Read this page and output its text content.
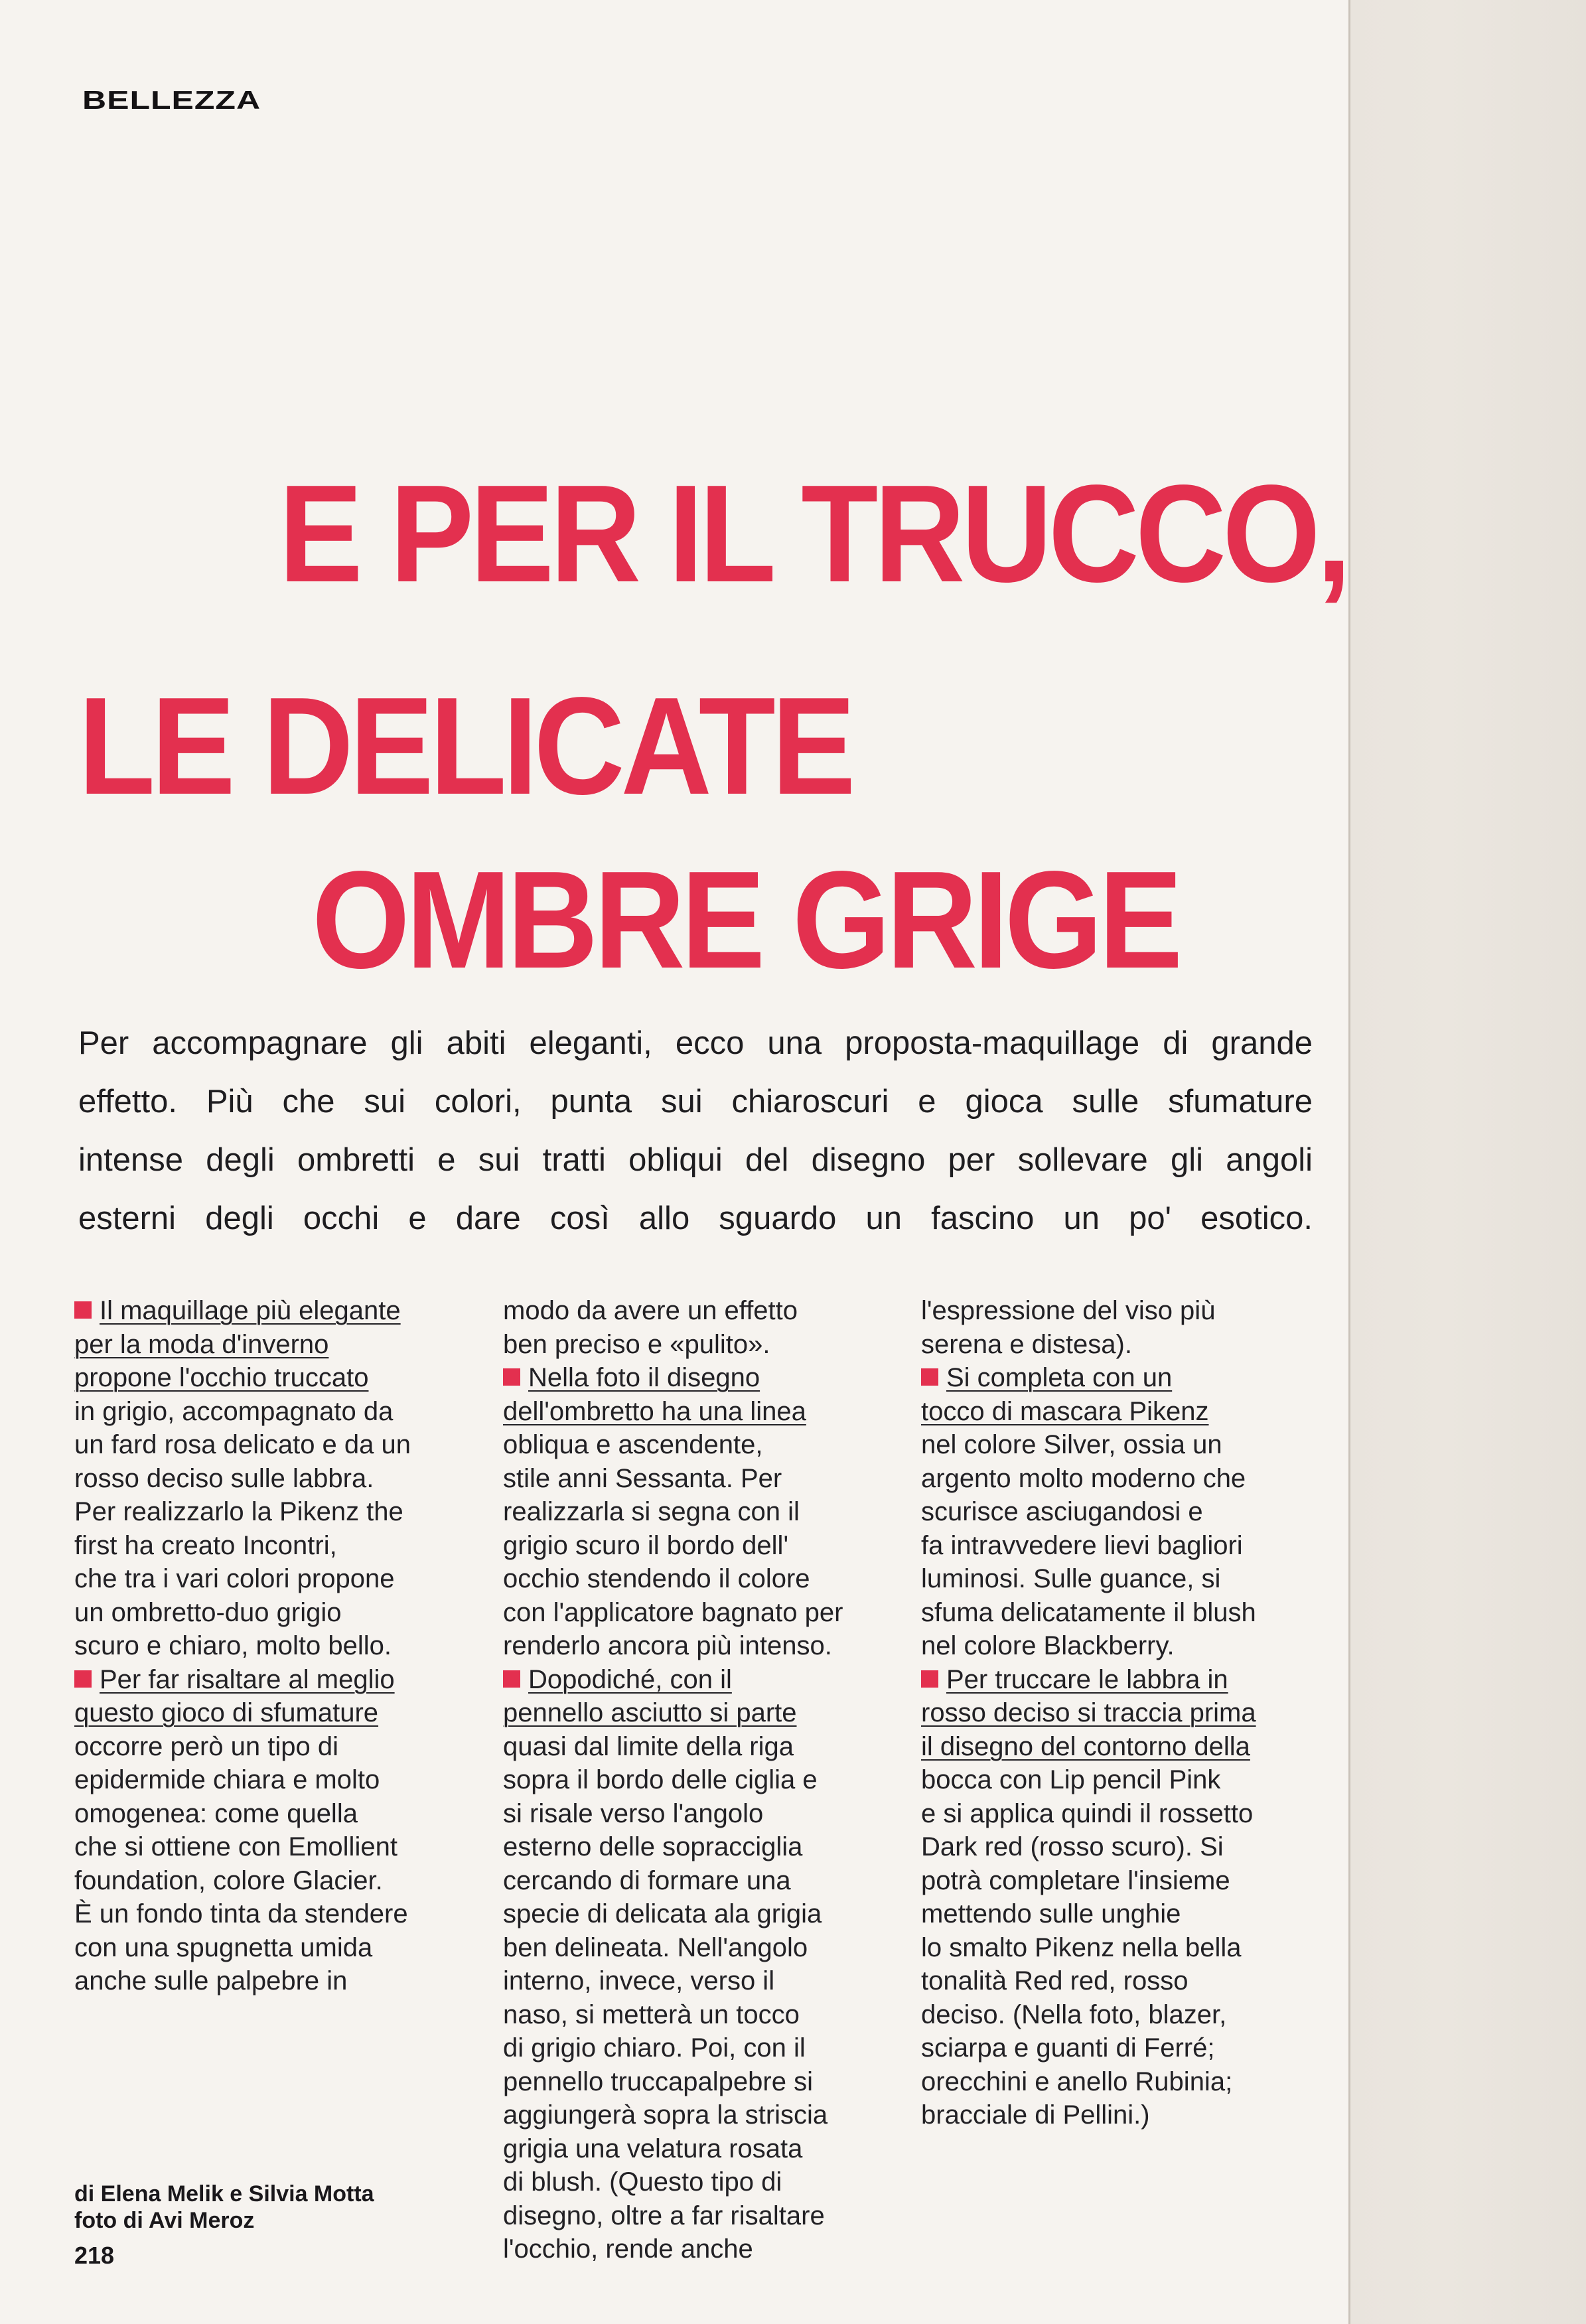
BELLEZZA
E PER IL TRUCCO,
LE DELICATE
OMBRE GRIGE

Per accompagnare gli abiti eleganti, ecco una proposta-maquillage di grande
effetto. Più che sui colori, punta sui chiaroscuri e gioca sulle sfumature
intense degli ombretti e sui tratti obliqui del disegno per sollevare gli angoli
esterni degli occhi e dare così allo sguardo un fascino un po' esotico.

Il maquillage più elegante
per la moda d'inverno
propone l'occhio truccato
in grigio, accompagnato da
un fard rosa delicato e da un
rosso deciso sulle labbra.
Per realizzarlo la Pikenz the
first ha creato Incontri,
che tra i vari colori propone
un ombretto-duo grigio
scuro e chiaro, molto bello.
Per far risaltare al meglio
questo gioco di sfumature
occorre però un tipo di
epidermide chiara e molto
omogenea: come quella
che si ottiene con Emollient
foundation, colore Glacier.
È un fondo tinta da stendere
con una spugnetta umida
anche sulle palpebre in
modo da avere un effetto
ben preciso e «pulito».
Nella foto il disegno
dell'ombretto ha una linea
obliqua e ascendente,
stile anni Sessanta. Per
realizzarla si segna con il
grigio scuro il bordo dell'
occhio stendendo il colore
con l'applicatore bagnato per
renderlo ancora più intenso.
Dopodiché, con il
pennello asciutto si parte
quasi dal limite della riga
sopra il bordo delle ciglia e
si risale verso l'angolo
esterno delle sopracciglia
cercando di formare una
specie di delicata ala grigia
ben delineata. Nell'angolo
interno, invece, verso il
naso, si metterà un tocco
di grigio chiaro. Poi, con il
pennello truccapalpebre si
aggiungerà sopra la striscia
grigia una velatura rosata
di blush. (Questo tipo di
disegno, oltre a far risaltare
l'occhio, rende anche
l'espressione del viso più
serena e distesa).
Si completa con un
tocco di mascara Pikenz
nel colore Silver, ossia un
argento molto moderno che
scurisce asciugandosi e
fa intravvedere lievi bagliori
luminosi. Sulle guance, si
sfuma delicatamente il blush
nel colore Blackberry.
Per truccare le labbra in
rosso deciso si traccia prima
il disegno del contorno della
bocca con Lip pencil Pink
e si applica quindi il rossetto
Dark red (rosso scuro). Si
potrà completare l'insieme
mettendo sulle unghie
lo smalto Pikenz nella bella
tonalità Red red, rosso
deciso. (Nella foto, blazer,
sciarpa e guanti di Ferré;
orecchini e anello Rubinia;
bracciale di Pellini.)
di Elena Melik e Silvia Motta
foto di Avi Meroz
218
